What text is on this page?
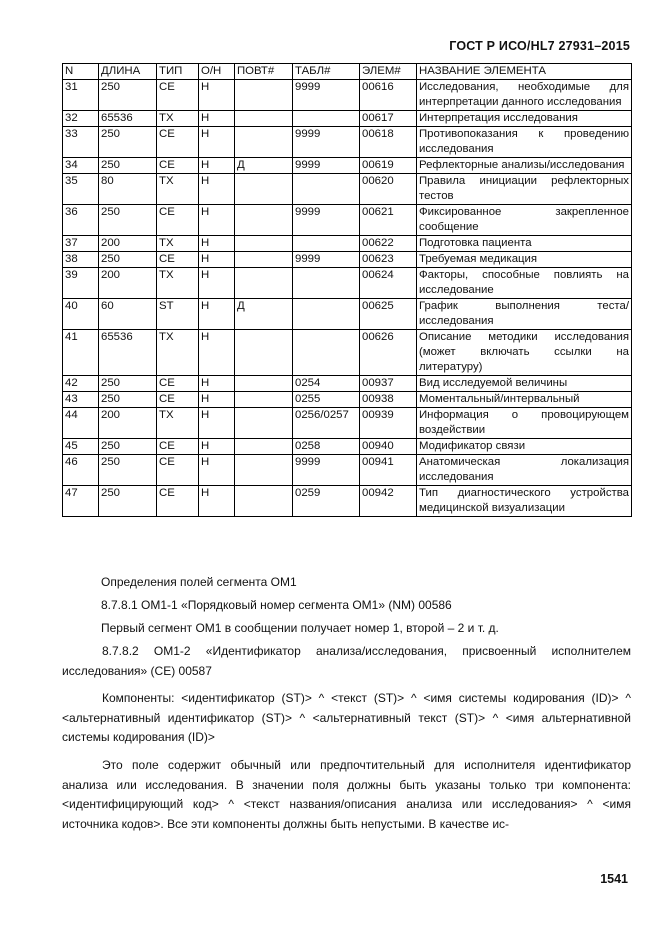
ГОСТ Р ИСО/HL7 27931–2015
N	ДЛИНА	ТИП	О/Н	ПОВТ#	ТАБЛ#	ЭЛЕМ#	НАЗВАНИЕ ЭЛЕМЕНТА
31	250	CE	Н		9999	00616	Исследования, необходимые для интерпретации данного исследования
32	65536	TX	Н			00617	Интерпретация исследования
33	250	CE	Н		9999	00618	Противопоказания к проведению исследования
34	250	CE	Н	Д	9999	00619	Рефлекторные анализы/исследования
35	80	TX	Н			00620	Правила инициации рефлекторных тестов
36	250	CE	Н		9999	00621	Фиксированное закрепленное сообщение
37	200	TX	Н			00622	Подготовка пациента
38	250	CE	Н		9999	00623	Требуемая медикация
39	200	TX	Н			00624	Факторы, способные повлиять на исследование
40	60	ST	Н	Д		00625	График выполнения теста/исследования
41	65536	TX	Н			00626	Описание методики исследования (может включать ссылки на литературу)
42	250	CE	Н		0254	00937	Вид исследуемой величины
43	250	CE	Н		0255	00938	Моментальный/интервальный
44	200	TX	Н		0256/0257	00939	Информация о провоцирующем воздействии
45	250	CE	Н		0258	00940	Модификатор связи
46	250	CE	Н		9999	00941	Анатомическая локализация исследования
47	250	CE	Н		0259	00942	Тип диагностического устройства медицинской визуализации

Определения полей сегмента OM1

8.7.8.1 OM1-1 «Порядковый номер сегмента OM1» (NM) 00586

Первый сегмент OM1 в сообщении получает номер 1, второй – 2 и т. д.

8.7.8.2 OM1-2 «Идентификатор анализа/исследования, присвоенный исполнителем исследования» (CE) 00587

Компоненты: <идентификатор (ST)> ^ <текст (ST)> ^ <имя системы кодирования (ID)> ^ <альтернативный идентификатор (ST)> ^ <альтернативный текст (ST)> ^ <имя альтернативной системы кодирования (ID)>

Это поле содержит обычный или предпочтительный для исполнителя идентификатор анализа или исследования. В значении поля должны быть указаны только три компонента: <идентифицирующий код> ^ <текст названия/описания анализа или исследования> ^ <имя источника кодов>. Все эти компоненты должны быть непустыми. В качестве ис-

1541
